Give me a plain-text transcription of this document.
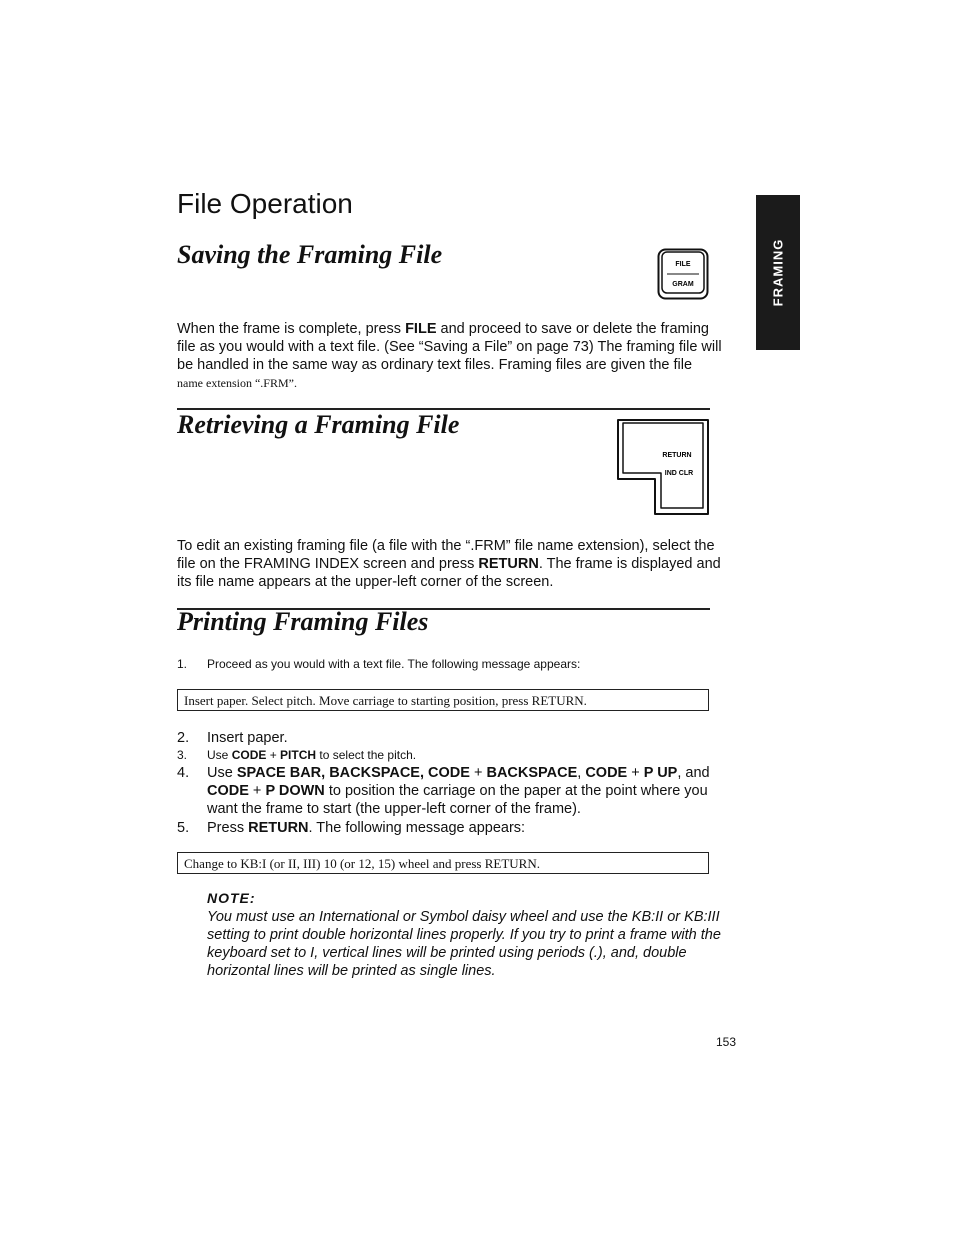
FRAMING
File Operation
Saving the Framing File	FILE
GRAM
When the frame is complete, press FILE and proceed to save or delete the framing
file as you would with a text file. (See “Saving a File” on page 73) The framing file will
be handled in the same way as ordinary text files. Framing files are given the file
name extension “.FRM”.
Retrieving a Framing File
RETURN
IND CLR
To edit an existing framing file (a file with the “.FRM” file name extension), select the
file on the FRAMING INDEX screen and press RETURN. The frame is displayed and
its file name appears at the upper-left corner of the screen.
Printing Framing Files
1.	Proceed as you would with a text file. The following message appears:
Insert paper. Select pitch. Move carriage to starting position, press RETURN.
2.	Insert paper.
3.	Use CODE + PITCH to select the pitch.
4.	Use SPACE BAR, BACKSPACE, CODE + BACKSPACE, CODE + P UP, and
CODE + P DOWN to position the carriage on the paper at the point where you
want the frame to start (the upper-left corner of the frame).
5.	Press RETURN. The following message appears:
Change to KB:I (or II, III) 10 (or 12, 15) wheel and press RETURN.
NOTE:
You must use an International or Symbol daisy wheel and use the KB:II or KB:III
setting to print double horizontal lines properly. If you try to print a frame with the
keyboard set to I, vertical lines will be printed using periods (.), and, double
horizontal lines will be printed as single lines.
153
